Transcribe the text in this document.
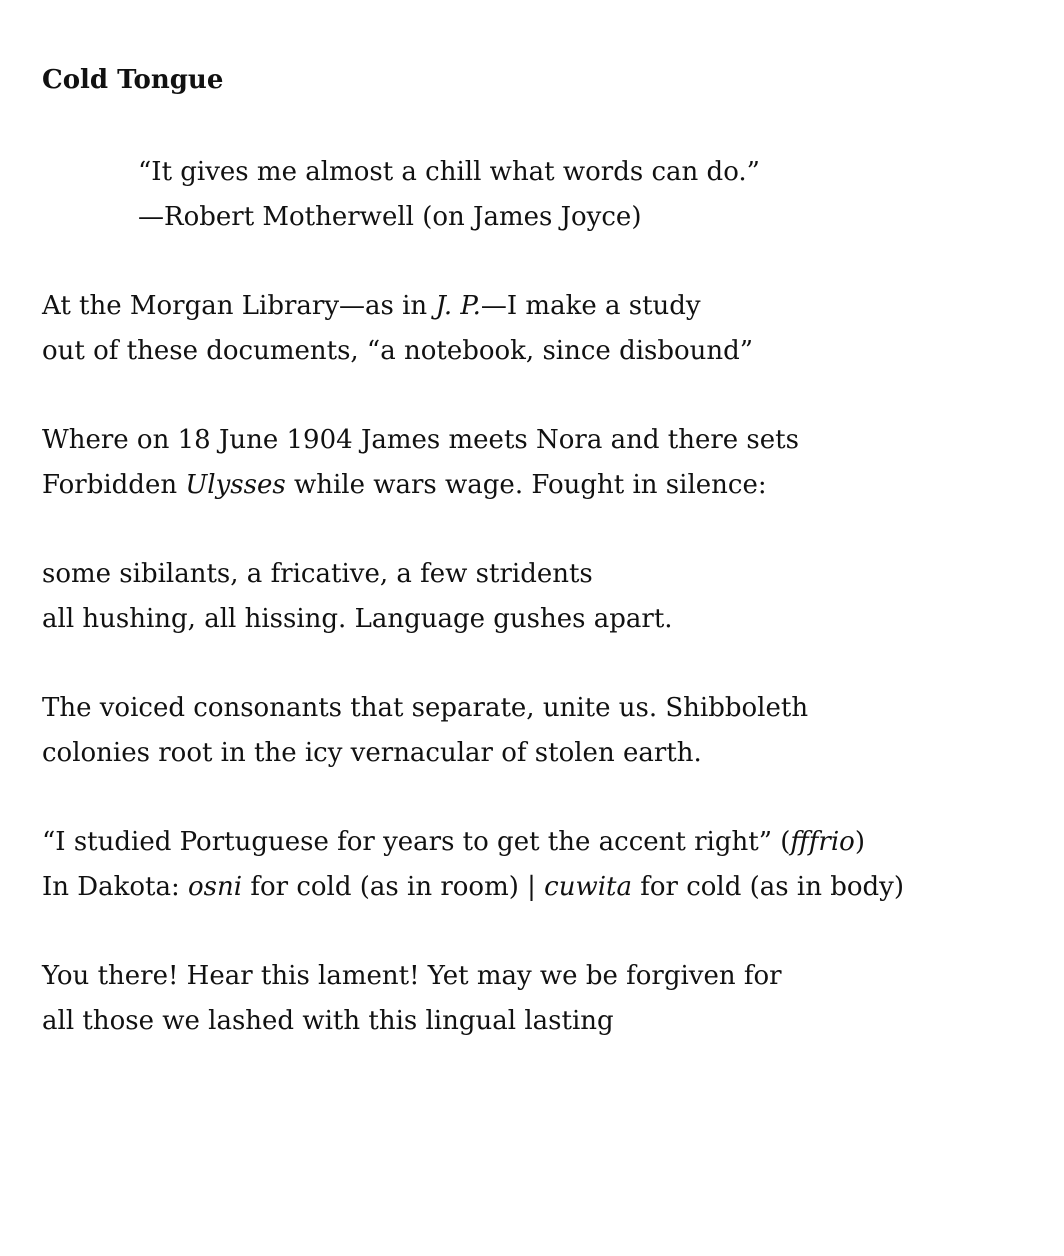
Cold Tongue
“It gives me almost a chill what words can do.”
—Robert Motherwell (on James Joyce)
At the Morgan Library—as in J. P.—I make a study
out of these documents, “a notebook, since disbound”
Where on 18 June 1904 James meets Nora and there sets
Forbidden Ulysses while wars wage. Fought in silence:
some sibilants, a fricative, a few stridents
all hushing, all hissing. Language gushes apart.
The voiced consonants that separate, unite us. Shibboleth
colonies root in the icy vernacular of stolen earth.
“I studied Portuguese for years to get the accent right” (fffrio)
In Dakota: osni for cold (as in room) | cuwita for cold (as in body)
You there! Hear this lament! Yet may we be forgiven for
all those we lashed with this lingual lasting
